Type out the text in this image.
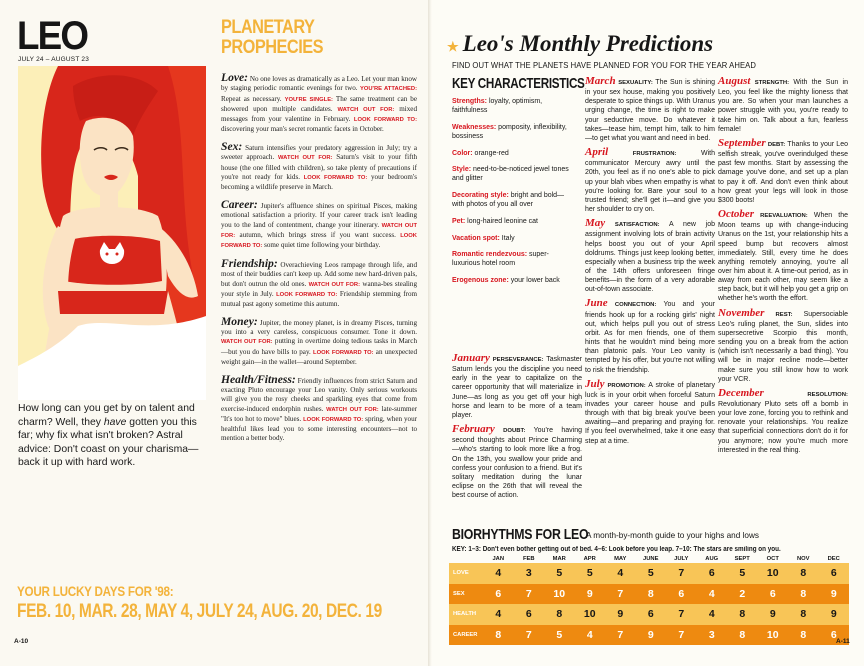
LEO
JULY 24 – AUGUST 23

How long can you get by on talent and charm? Well, they have gotten you this far; why fix what isn't broken? Astral advice: Don't coast on your charisma—back it up with hard work.

PLANETARY
PROPHECIES

Love: No one loves as dramatically as a Leo. Let your man know by staging periodic romantic evenings for two. YOU'RE ATTACHED: Repeat as necessary. YOU'RE SINGLE: The same treatment can be showered upon multiple candidates. WATCH OUT FOR: mixed messages from your valentine in February. LOOK FORWARD TO: discovering your man's secret romantic facets in October.

Sex: Saturn intensifies your predatory aggression in July; try a sweeter approach. WATCH OUT FOR: Saturn's visit to your fifth house (the one filled with children), so take plenty of precautions if you're not ready for kids. LOOK FORWARD TO: your bedroom's becoming a wildlife preserve in March.

Career: Jupiter's affluence shines on spiritual Pisces, making emotional satisfaction a priority. If your career track isn't leading you to the land of contentment, change your itinerary. WATCH OUT FOR: autumn, which brings stress if you want success. LOOK FORWARD TO: some quiet time following your birthday.

Friendship: Overachieving Leos rampage through life, and most of their buddies can't keep up. Add some new hard-driven pals, but don't outrun the old ones. WATCH OUT FOR: wanna-bes stealing your style in July. LOOK FORWARD TO: Friendship stemming from mutual past agony sometime this autumn.

Money: Jupiter, the money planet, is in dreamy Pisces, turning you into a very careless, conspicuous consumer. Tone it down. WATCH OUT FOR: putting in overtime doing tedious tasks in March—but you do have bills to pay. LOOK FORWARD TO: an unexpected weight gain—in the wallet—around September.

Health/Fitness: Friendly influences from strict Saturn and exacting Pluto encourage your Leo vanity. Only serious workouts will give you the rosy cheeks and sparkling eyes that come from exercise-induced endorphin rushes. WATCH OUT FOR: late-summer "It's too hot to move" blues. LOOK FORWARD TO: spring, when your healthful likes lead you to some interesting encounters—not to mention a better body.

YOUR LUCKY DAYS FOR '98:
FEB. 10, MAR. 28, MAY 4, JULY 24, AUG. 20, DEC. 19
A-10
★ Leo's Monthly Predictions
FIND OUT WHAT THE PLANETS HAVE PLANNED FOR YOU FOR THE YEAR AHEAD
KEY CHARACTERISTICS

Strengths: loyalty, optimism, faithfulness

Weaknesses: pomposity, inflexibility, bossiness

Color: orange-red

Style: need-to-be-noticed jewel tones and glitter

Decorating style: bright and bold—with photos of you all over

Pet: long-haired leonine cat

Vacation spot: Italy

Romantic rendezvous: super-luxurious hotel room

Erogenous zone: your lower back

January PERSEVERANCE: Taskmaster Saturn lends you the discipline you need early in the year to capitalize on the career opportunity that will materialize in June—as long as you get off your high horse and learn to be more of a team player.

February DOUBT: You're having second thoughts about Prince Charming—who's starting to look more like a frog. On the 13th, you swallow your pride and confess your confusion to a friend. But it's solitary meditation during the lunar eclipse on the 26th that will reveal the best course of action.

March SEXUALITY: The Sun is shining in your sex house, making you positively desperate to spice things up. With Uranus urging change, the time is right to make your seductive move. Do whatever it takes—tease him, tempt him, talk to him—to get what you want and need in bed.

April	FRUSTRATION: With communicator Mercury awry until the 20th, you feel as if no one's able to pick up your blah vibes when empathy is what you're looking for. Bare your soul to a trusted friend; she'll get it—and give you her shoulder to cry on.

May SATISFACTION: A new job assignment involving lots of brain activity helps boost you out of your April doldrums. Things just keep looking better, especially when a business trip the week of the 14th offers unforeseen fringe benefits—in the form of a very adorable out-of-town associate.

June CONNECTION: You and your friends hook up for a rocking girls' night out, which helps pull you out of stress orbit. As for men friends, one of them hints that he wouldn't mind being more than platonic pals. Your Leo vanity is tempted by his offer, but you're not willing to risk the friendship.

July PROMOTION: A stroke of planetary luck is in your orbit when forceful Saturn invades your career house and pulls through with that big break you've been awaiting—and preparing and praying for. If you feel overwhelmed, take it one easy step at a time.

August STRENGTH: With the Sun in Leo, you feel like the mighty lioness that you are. So when your man launches a power struggle with you, you're ready to take him on. Talk about a fun, fearless female!

September DEBT: Thanks to your Leo selfish streak, you've overindulged these past few months. Start by assessing the damage you've done, and set up a plan to pay it off. And don't even think about how great your legs will look in those $300 boots!

October REEVALUATION: When the Moon teams up with change-inducing Uranus on the 1st, your relationship hits a speed bump but recovers almost immediately. Still, every time he does anything remotely annoying, you're all over him about it. A time-out period, as in away from each other, may seem like a step back, but it will help you get a grip on whether he's worth the effort.

November REST: Supersociable Leo's ruling planet, the Sun, slides into supersecretive Scorpio this month, sending you on a break from the action (which isn't necessarily a bad thing). You will be in major recline mode—better make sure you still know how to work your VCR.

December	RESOLUTION: Revolutionary Pluto sets off a bomb in your love zone, forcing you to rethink and renovate your relationships. You realize that superficial connections don't do it for you anymore; now you're much more interested in the real thing.

BIORHYTHMS FOR LEO
A month-by-month guide to your highs and lows
KEY: 1–3: Don't even bother getting out of bed. 4–6: Look before you leap. 7–10: The stars are smiling on you.
	JAN	FEB	MAR	APR	MAY	JUNE	JULY	AUG	SEPT	OCT	NOV	DEC
LOVE	4	3	5	5	4	5	7	6	5	10	8	6
SEX	6	7	10	9	7	8	6	4	2	6	8	9
HEALTH	4	6	8	10	9	6	7	4	8	9	8	9
CAREER	8	7	5	4	7	9	7	3	8	10	8	6
A-11
